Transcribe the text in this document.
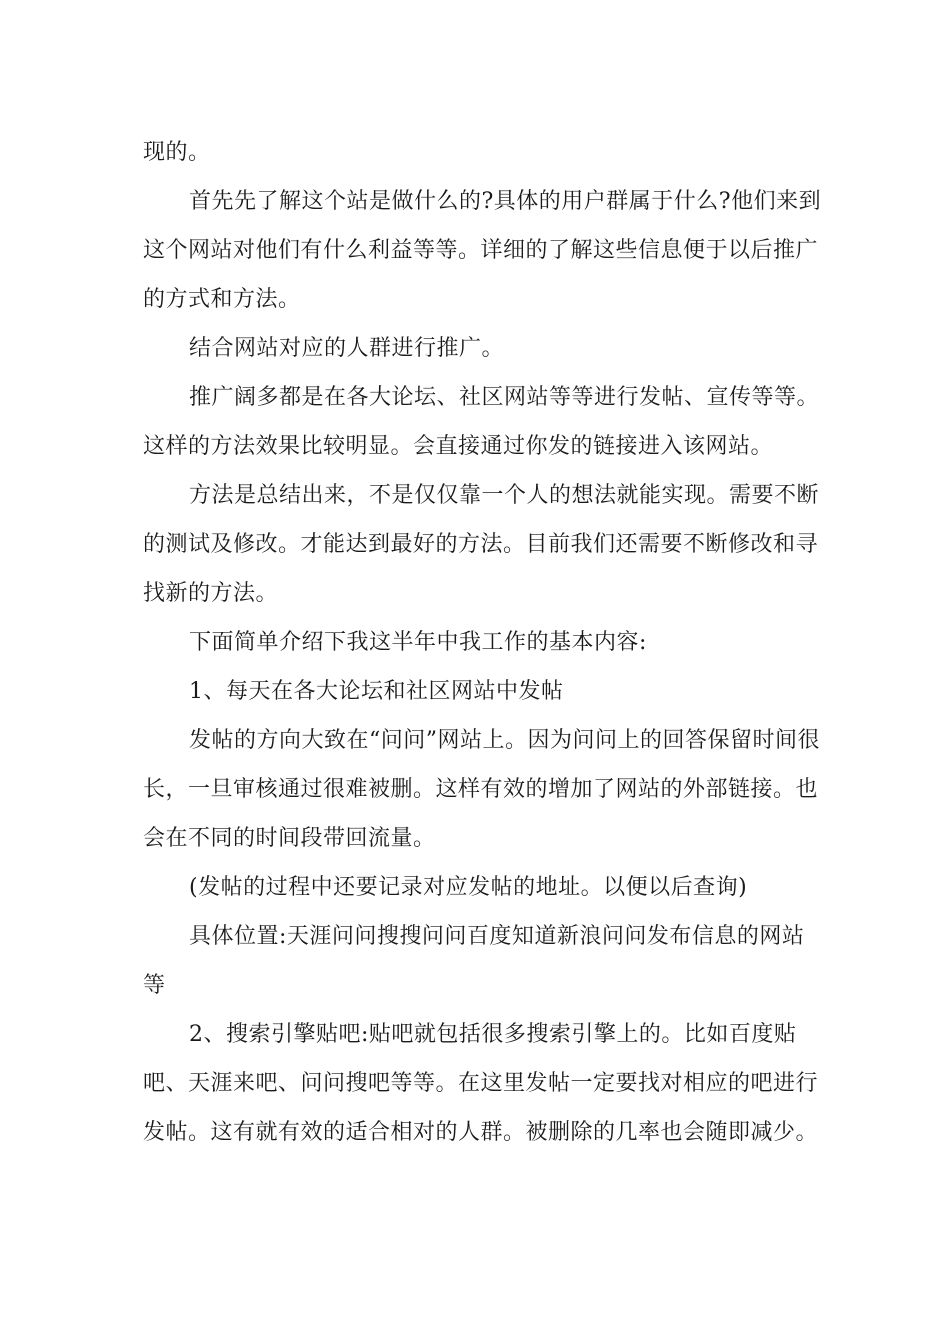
现的。

首先先了解这个站是做什么的?具体的用户群属于什么?他们来到这个网站对他们有什么利益等等。详细的了解这些信息便于以后推广的方式和方法。

结合网站对应的人群进行推广。

推广阔多都是在各大论坛、社区网站等等进行发帖、宣传等等。这样的方法效果比较明显。会直接通过你发的链接进入该网站。

方法是总结出来，不是仅仅靠一个人的想法就能实现。需要不断的测试及修改。才能达到最好的方法。目前我们还需要不断修改和寻找新的方法。

下面简单介绍下我这半年中我工作的基本内容:

1、每天在各大论坛和社区网站中发帖

发帖的方向大致在“问问”网站上。因为问问上的回答保留时间很长，一旦审核通过很难被删。这样有效的增加了网站的外部链接。也会在不同的时间段带回流量。

(发帖的过程中还要记录对应发帖的地址。以便以后查询)

具体位置:天涯问问搜搜问问百度知道新浪问问发布信息的网站等

2、搜索引擎贴吧:贴吧就包括很多搜索引擎上的。比如百度贴吧、天涯来吧、问问搜吧等等。在这里发帖一定要找对相应的吧进行发帖。这有就有效的适合相对的人群。被删除的几率也会随即减少。
